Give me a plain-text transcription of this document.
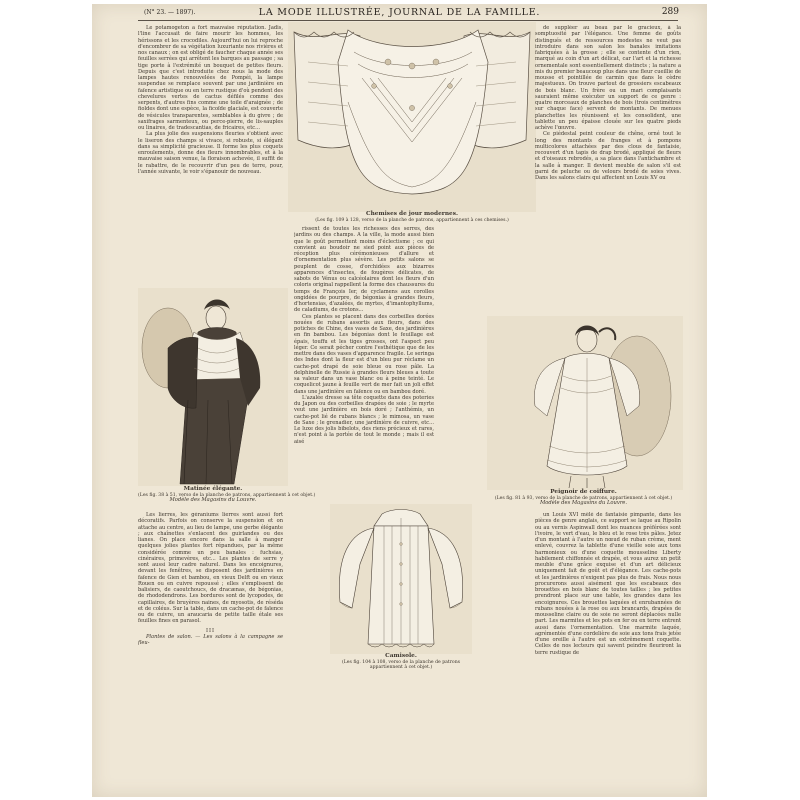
(N° 23. — 1897).	LA MODE ILLUSTRÉE, JOURNAL DE LA FAMILLE.	289

Le potamogeton a fort mauvaise réputation. Jadis, l'line l'accusait de faire mourir les hommes, les hérissons et les crocodiles. Aujourd'hui on lui reproche d'encombrer de sa végétation luxuriante nos rivières et nos canaux ; on est obligé de faucher chaque année ses feuilles serrées qui arrêtent les barques au passage ; sa tige porte à l'extrémité un bouquet de petites fleurs. Depuis que c'est introduite chez nous la mode des lampes hautes renouvelées de Pompéi, la lampe suspendue se remplace souvent par une jardinière en faïence artistique ou en terre rustique d'où pendent des chevelures vertes de cactus défilés comme des serpents, d'autres fins comme une toile d'araignée ; de fioldes dont une espèce, la ficoïde glaciale, est couverte de vésicules transparentes, semblables à du givre ; de saxifrages sarmenteux, ou perce-pierre, de lis-sauples ou linaires, de tradescantias, de fricaires, etc...

La plus jolie des suspensions fleuries s'obtient avec le liseron des champs si vivace, si robuste, si élégant dans sa simplicité gracieuse. Il forme les plus coquets enroulements, donne des fleurs innombrables, et à la mauvaise saison venue, la floraison achevée, il suffit de le rabattre, de le recouvrir d'un peu de terre, pour, l'année suivante, le voir s'épanouir de nouveau.

Chemises de jour modernes.
(Les fig. 109 à 128, verso de la planche de patrons, appartiennent à ces chemises.)

de suppléer au beau par le gracieux, à la somptuosité par l'élégance. Une femme de goûts distingués et de ressources modestes ne veut pas introduire dans son salon les banales imitations fabriquées à la grosse ; elle se contente d'un rien, marqué au coin d'un art délicat, car l'art et la richesse ornementale sont essentiellement distincts ; la nature a mis du premier beaucoup plus dans une fleur cueillie de mousse et pointillée de carmin que dans le cèdre majestueux. On trouve partout de grossiers escabeaux de bois blanc. Un frère ou un mari complaisants sauraient même exécuter un support de ce genre : quatre morceaux de planches de bois (trois centimètres sur chaque face) servent de montants. De menues planchettes les réunissent et les consolident, une tablette un peu épaisse clouée sur les quatre pieds achève l'œuvre.

Ce piédestal peint couleur de chêne, orné tout le long des montants de franges et à pompons multicolores attachées par des clous de fantaisie, recouvert d'un tapis de drap brodé, appliqué de fleurs et d'oiseaux rebrodés, a sa place dans l'antichambre et la salle à manger. Il devient meuble de salon s'il est garni de peluche ou de velours brodé de soies vives. Dans les salons clairs qui affectent un Louis XV ou

Matinée élégante.
(Les fig. 38 à 51, verso de la planche de patrons, appartiennent à cet objet.)
Modèle des Magasins du Louvre.

rissent de toutes les richesses des serres, des jardins ou des champs. A la ville, la mode aussi bien que le goût permettent moins d'éclectisme ; ce qui convient au boudoir ne sied point aux pièces de réception plus cérémonieuses d'allure et d'ornementation plus sévère. Les petits salons se peuplent de cosse, d'orchidées aux bizarres apparences d'insectes, de fougères délicates, de sabots de Vénus ou calcéolaires dont les fleurs d'un coloris original rappellent la forme des chaussures du temps de François Ier, de cyclamens aux corolles ongidées de pourpre, de bégonias à grandes fleurs, d'hortensias, d'azalées, de myrtes, d'imantophyllums, de caladiums, de crotons...

Ces plantes se placent dans des corbeilles dorées nouées de rubans assortis aux fleurs, dans des potiches de Chine, des vases de Saxe, des jardinières en fin bambou. Les bégonias dont le feuillage est épais, touffu et les tiges grosses, ont l'aspect peu léger. Ce serait pécher contre l'esthétique que de les mettre dans des vases d'apparence fragile. Le seringa des Indes dont la fleur est d'un bleu pur réclame un cache-pot drapé de soie bleue ou rose pâle. La delphinelle de Russie à grandes fleurs bleues a toute sa valeur dans un vase blanc ou à peine teinté. Le coquelicot jaune à feuille vert de mer fait un joli effet dans une jardinière en faïence ou en bambou doré.

L'azalée dresse sa tête coquette dans des poteries du Japon ou des corbeilles drapées de soie ; le myrte veut une jardinière en bois doré ; l'anthémis, un cache-pot lié de rubans blancs ; le mimosa, un vase de Saxe ; le grenadier, une jardinière de cuivre, etc... Le luxe des jolis bibelots, des riens précieux et rares, n'est point à la portée de tout le monde ; mais il est aisé

Peignoir de coiffure.
(Les fig. 81 à 93, verso de la planche de patrons, appartiennent à cet objet.)
Modèle des Magasins du Louvre.

Les lierres, les géraniums lierres sont aussi fort décoratifs. Parfois on conserve la suspension et on attache au centre, au lieu de lampe, une gerbe élégante ; aux chaînettes s'enlacent des guirlandes ou des lianes. On place encore dans la salle à manger quelques jolies plantes fort répandues, par la même considérée comme un peu banales : fuchsias, cinéraires, primevères, etc... Les plantes de serre y sont aussi leur cadre naturel. Dans les encoignures, devant les fenêtres, se disposent des jardinières en faïence de Gien et bambou, en vieux Delft ou en vieux Rouen ou en cuivre repoussé ; elles s'emplissent de balisiers, de caoutchoucs, de dracænas, de bégonias, de rhododendrons. Les bordures sont de lycopodes, de capillaires, de bruyères naines, de myosotis, de réséda et de coléus. Sur la table, dans un cache-pot de faïence ou de cuivre, un araucaria de petite taille étale ses feuilles fines en parasol.

III

Plantes de salon. — Les salons à la campagne se fleu-

Camisole.
(Les fig. 104 à 108, verso de la planche de patrons
appartiennent à cet objet.)

un Louis XVI mêlé de fantaisie pimpante, dans les pièces de genre anglais, ce support se laque au Ripolin ou au vernis Aspinwall dont les nuances préférées sont l'ivoire, le vert d'eau, le bleu et le rose très pâles. Jetez d'un montant à l'autre un nœud de ruban crème, ment enlevé, couvrez la tablette d'une vieille soie aux tons harmonieux ou d'une coquette mousseline Liberty habilement chiffonnée et drapée, et vous aurez un petit meuble d'une grâce exquise et d'un art délicieux uniquement fait de goût et d'élégance. Les cache-pots et les jardinières n'exigent pas plus de frais. Nous nous procurerons aussi aisément que les escabeaux des brouettes en bois blanc de toutes tailles ; les petites prendront place sur une table, les grandes dans les encoignures. Ces brouettes laquées et enrubannées de rubans nouées à la rose ou aux brancards, drapées de mousseline claire ou de soie ne seront déplacées nulle part. Les marmites et les pots en fer ou en terre entrent aussi dans l'ornementation. Une marmite laquée, agrémentée d'une cordelière de soie aux tons frais jetée d'une oreille à l'autre est un extrêmement coquette. Celles de nos lecteurs qui savent peindre fleuriront la terre rustique de
